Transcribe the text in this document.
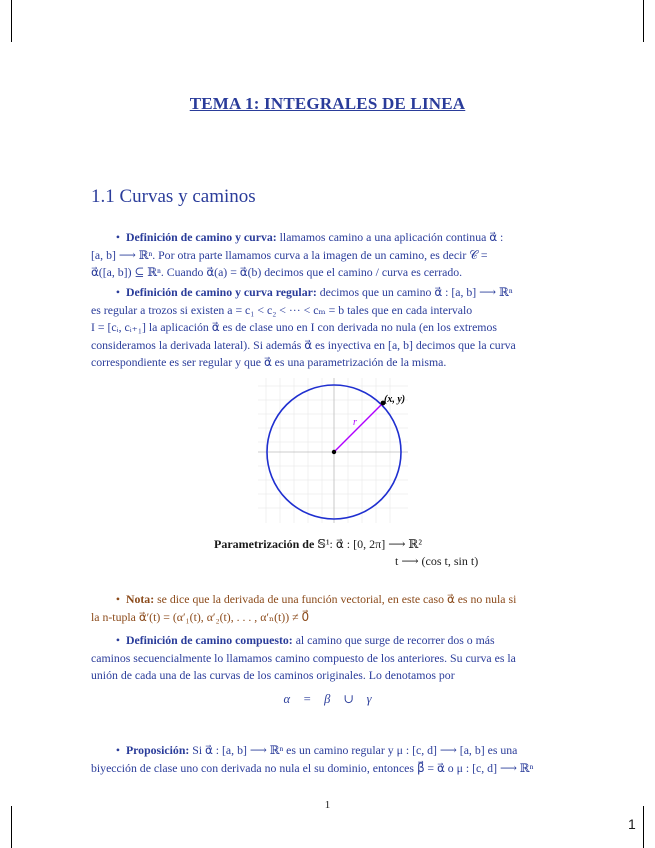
TEMA 1: INTEGRALES DE LINEA
1.1 Curvas y caminos
• Definición de camino y curva: llamamos camino a una aplicación continua α⃗ :
[a, b] ⟶ ℝⁿ. Por otra parte llamamos curva a la imagen de un camino, es decir 𝒞 =
α⃗([a, b]) ⊆ ℝⁿ. Cuando α⃗(a) = α⃗(b) decimos que el camino / curva es cerrado.
• Definición de camino y curva regular: decimos que un camino α⃗ : [a, b] ⟶ ℝⁿ
es regular a trozos si existen a = c₁ < c₂ < ··· < cₘ = b tales que en cada intervalo
I = [cᵢ, cᵢ₊₁] la aplicación α⃗ es de clase uno en I con derivada no nula (en los extremos
consideramos la derivada lateral). Si además α⃗ es inyectiva en [a, b] decimos que la curva
correspondiente es ser regular y que α⃗ es una parametrización de la misma.
r
(x, y)
Parametrización de 𝕊¹: α⃗ : [0, 2π] ⟶ ℝ²
t ⟶ (cos t, sin t)
• Nota: se dice que la derivada de una función vectorial, en este caso α⃗ es no nula si
la n-tupla α⃗′(t) = (α′₁(t), α′₂(t), . . . , α′ₙ(t)) ≠ 0⃗
• Definición de camino compuesto: al camino que surge de recorrer dos o más
caminos secuencialmente lo llamamos camino compuesto de los anteriores. Su curva es la
unión de cada una de las curvas de los caminos originales. Lo denotamos por
𝒞α⃗ = 𝒞β⃗ ∪ 𝒞γ⃗
• Proposición: Si α⃗ : [a, b] ⟶ ℝⁿ es un camino regular y μ : [c, d] ⟶ [a, b] es una
biyección de clase uno con derivada no nula el su dominio, entonces β⃗ = α⃗ o μ : [c, d] ⟶ ℝⁿ
1
1
